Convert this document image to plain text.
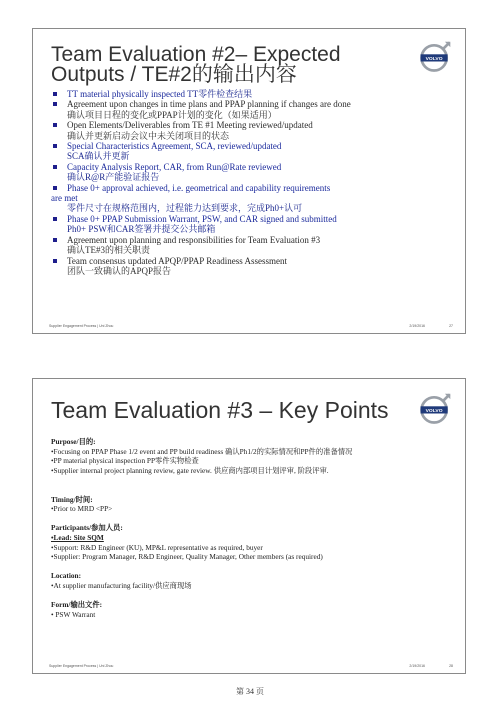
Team Evaluation #2– Expected Outputs / TE#2的输出内容
VOLVO
TT material physically inspected TT零件检查结果
Agreement upon changes in time plans and PPAP planning if changes are done
确认项目日程的变化或PPAP计划的变化（如果适用）
Open Elements/Deliverables from TE #1 Meeting reviewed/updated
确认并更新启动会议中未关闭项目的状态
Special Characteristics Agreement, SCA, reviewed/updated
SCA确认并更新
Capacity Analysis Report, CAR, from Run@Rate reviewed
确认R@R产能验证报告
Phase 0+ approval achieved, i.e. geometrical and capability requirements
are met
零件尺寸在规格范围内，过程能力达到要求，完成Ph0+认可
Phase 0+ PPAP Submission Warrant, PSW, and CAR signed and submitted
Ph0+ PSW和CAR签署并提交公共邮箱
Agreement upon planning and responsibilities for Team Evaluation #3
确认TE#3的相关职责
Team consensus updated APQP/PPAP Readiness Assessment
团队一致确认的APQP报告
Supplier Engagement Process | Uni Zhou	2/19/2016	27
Team Evaluation #3 – Key Points	VOLVO

Purpose/目的:

•Focusing on PPAP Phase 1/2 event and PP build readiness 确认Ph1/2的实际情况和PP件的准备情况

•PP material physical inspection PP零件实物检查

•Supplier internal project planning review, gate review. 供应商内部项目计划评审, 阶段评审.

Timing/时间:

•Prior to MRD <PP>

Participants/参加人员:

•Lead: Site SQM

•Support: R&D Engineer (KU), MP&L representative as required, buyer

•Supplier: Program Manager, R&D Engineer, Quality Manager, Other members (as required)

Location:

•At supplier manufacturing facility/供应商现场

Form/输出文件:

• PSW Warrant

Supplier Engagement Process | Uni Zhou	2/19/2016	28
第 34 页
